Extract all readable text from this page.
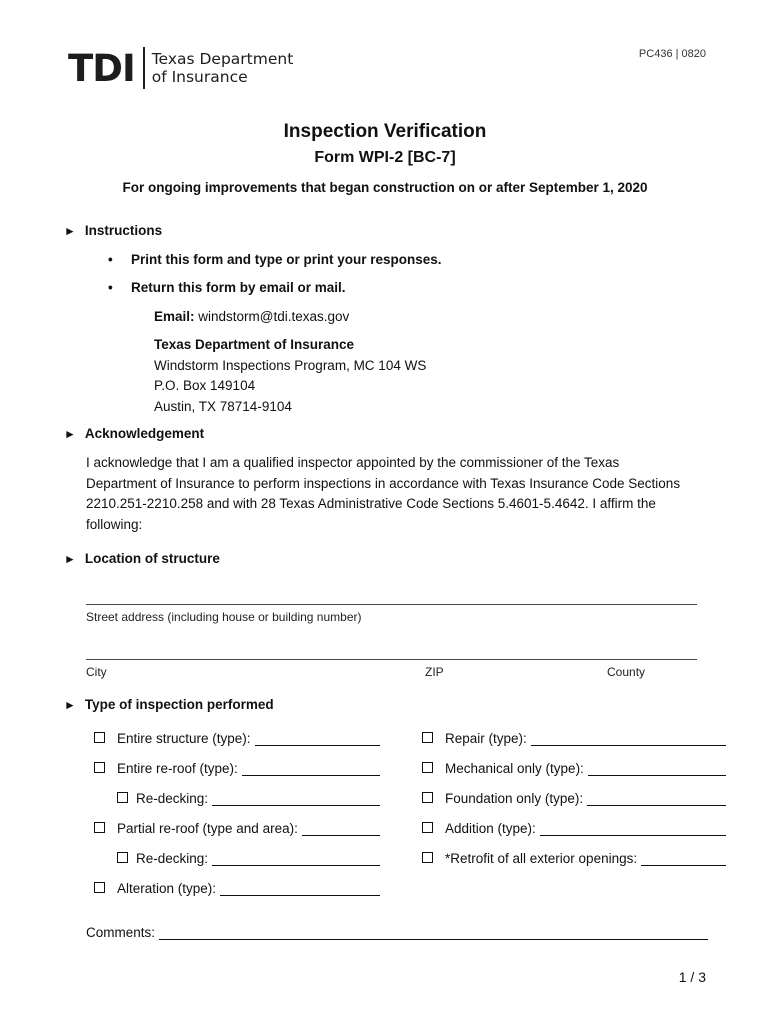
TDI Texas Department
of Insurance
PC436 | 0820
Inspection Verification
Form WPI-2 [BC-7]
For ongoing improvements that began construction on or after September 1, 2020
► Instructions
• Print this form and type or print your responses.
• Return this form by email or mail.
Email: windstorm@tdi.texas.gov
Texas Department of Insurance
Windstorm Inspections Program, MC 104 WS
P.O. Box 149104
Austin, TX 78714-9104
► Acknowledgement
I acknowledge that I am a qualified inspector appointed by the commissioner of the Texas
Department of Insurance to perform inspections in accordance with Texas Insurance Code Sections
2210.251-2210.258 and with 28 Texas Administrative Code Sections 5.4601-5.4642. I affirm the
following:
► Location of structure
Street address (including house or building number)
City	ZIP	County
► Type of inspection performed
Entire structure (type):
Entire re-roof (type):
Re-decking:
Partial re-roof (type and area):
Re-decking:
Alteration (type):
Repair (type):
Mechanical only (type):
Foundation only (type):
Addition (type):
*Retrofit of all exterior openings:
Comments:
1 / 3
